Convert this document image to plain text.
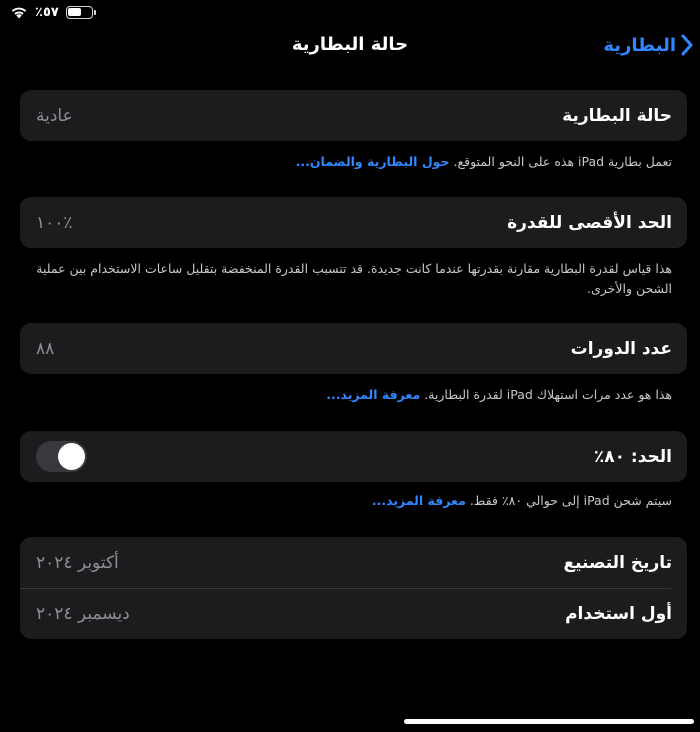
٪٥٧
حالة البطارية	البطارية
حالة البطارية
عادية
تعمل بطارية iPad هذه على النحو المتوقع. حول البطارية والضمان...
الحد الأقصى للقدرة
٪١٠٠
هذا قياس لقدرة البطارية مقارنة بقدرتها عندما كانت جديدة. قد تتسبب القدرة المنخفضة بتقليل ساعات الاستخدام بين عملية الشحن والأخرى.
عدد الدورات
٨٨
هذا هو عدد مرات استهلاك iPad لقدرة البطارية. معرفة المزيد...
الحد: ٨٠٪
سيتم شحن iPad إلى حوالي ٨٠٪ فقط. معرفة المزيد...
تاريخ التصنيع
أكتوبر ٢٠٢٤
أول استخدام
ديسمبر ٢٠٢٤
